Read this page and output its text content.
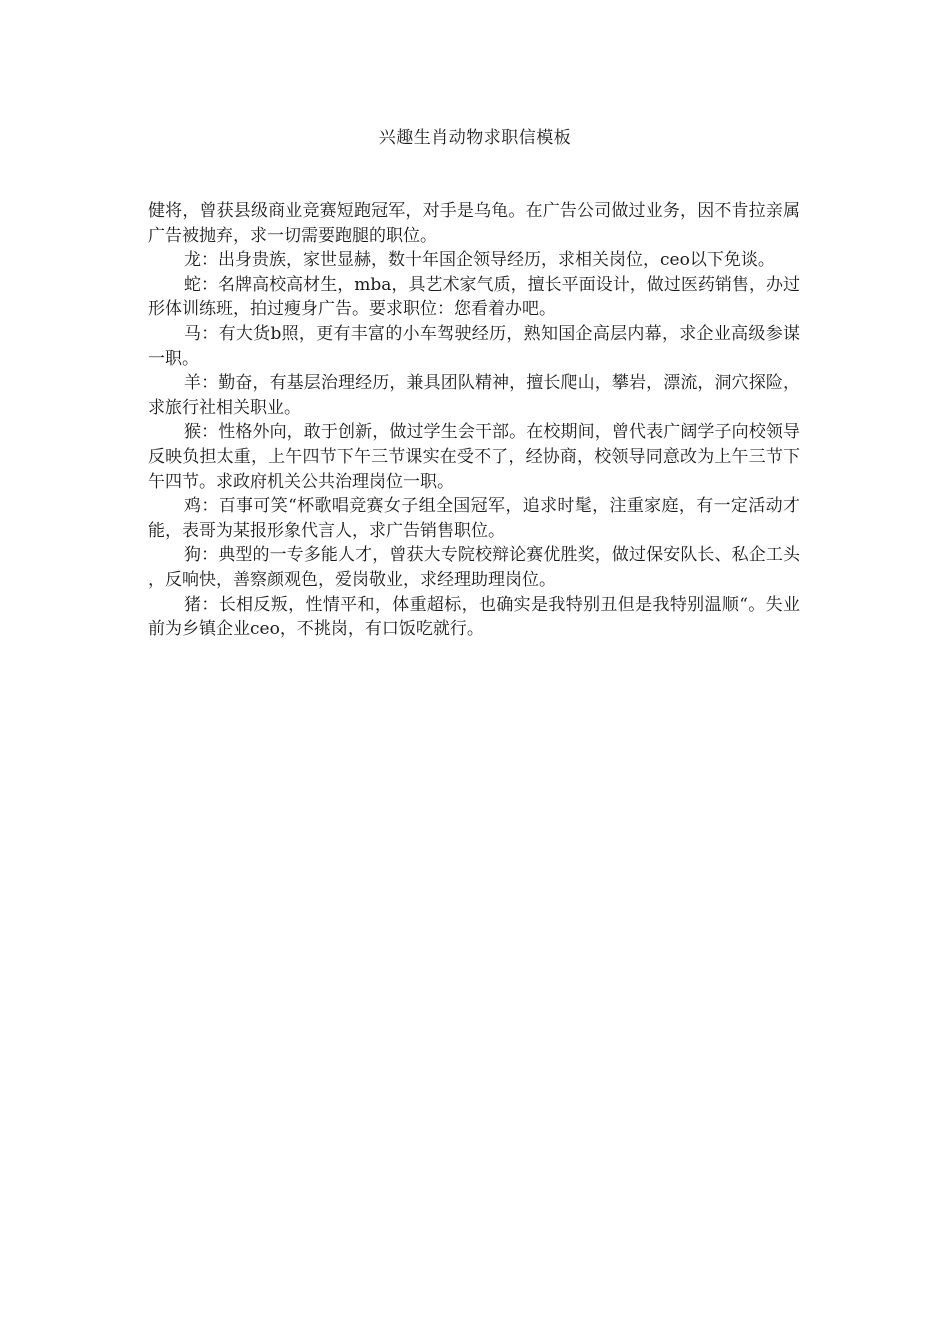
兴趣生肖动物求职信模板

健将，曾获县级商业竞赛短跑冠军，对手是乌龟。在广告公司做过业务，因不肯拉亲属广告被抛弃，求一切需要跑腿的职位。

龙：出身贵族，家世显赫，数十年国企领导经历，求相关岗位，ceo以下免谈。

蛇：名牌高校高材生，mba，具艺术家气质，擅长平面设计，做过医药销售，办过形体训练班，拍过瘦身广告。要求职位：您看着办吧。

马：有大货b照，更有丰富的小车驾驶经历，熟知国企高层内幕，求企业高级参谋一职。

羊：勤奋，有基层治理经历，兼具团队精神，擅长爬山，攀岩，漂流，洞穴探险，求旅行社相关职业。

猴：性格外向，敢于创新，做过学生会干部。在校期间，曾代表广阔学子向校领导反映负担太重，上午四节下午三节课实在受不了，经协商，校领导同意改为上午三节下午四节。求政府机关公共治理岗位一职。

鸡：百事可笑“杯歌唱竞赛女子组全国冠军，追求时髦，注重家庭，有一定活动才能，表哥为某报形象代言人，求广告销售职位。

狗：典型的一专多能人才，曾获大专院校辩论赛优胜奖，做过保安队长、私企工头，反响快，善察颜观色，爱岗敬业，求经理助理岗位。

猪：长相反叛，性情平和，体重超标，也确实是我特别丑但是我特别温顺“。失业前为乡镇企业ceo，不挑岗，有口饭吃就行。
